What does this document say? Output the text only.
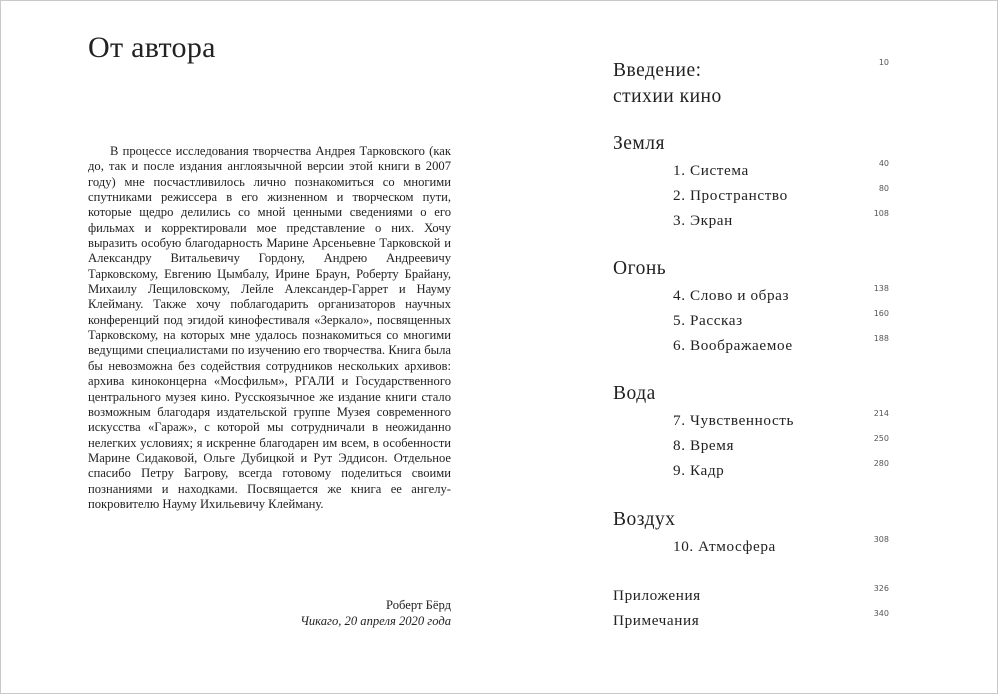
От автора

В процессе исследования творчества Андрея Тарковского (как до, так и после издания англоязычной версии этой книги в 2007 году) мне посчастливилось лично познакомиться со многими спутниками режиссера в его жизненном и творческом пути, которые щедро делились со мной ценными сведениями о его фильмах и корректировали мое представление о них. Хочу выразить особую благодарность Марине Арсеньевне Тарковской и Александру Витальевичу Гордону, Андрею Андреевичу Тарковскому, Евгению Цымбалу, Ирине Браун, Роберту Брайану, Михаилу Лещиловскому, Лейле Александер-Гаррет и Науму Клейману. Также хочу поблагодарить организаторов научных конференций под эгидой кинофестиваля «Зеркало», посвященных Тарковскому, на которых мне удалось познакомиться со многими ведущими специалистами по изучению его творчества. Книга была бы невозможна без содействия сотрудников нескольких архивов: архива киноконцерна «Мосфильм», РГАЛИ и Государственного центрального музея кино. Русскоязычное же издание книги стало возможным благодаря издательской группе Музея современного искусства «Гараж», с которой мы сотрудничали в неожиданно нелегких условиях; я искренне благодарен им всем, в особенности Марине Сидаковой, Ольге Дубицкой и Рут Эддисон. Отдельное спасибо Петру Багрову, всегда готовому поделиться своими познаниями и находками. Посвящается же книга ее ангелу-покровителю Науму Ихильевичу Клейману.

Роберт Бёрд
Чикаго, 20 апреля 2020 года
Введение:
стихии кино
10
Земля
1. Система	40
2. Пространство	80
3. Экран	108
Огонь
4. Слово и образ	138
5. Рассказ	160
6. Воображаемое	188
Вода
7. Чувственность	214
8. Время	250
9. Кадр	280
Воздух
10. Атмосфера	308
Приложения	326
Примечания	340
